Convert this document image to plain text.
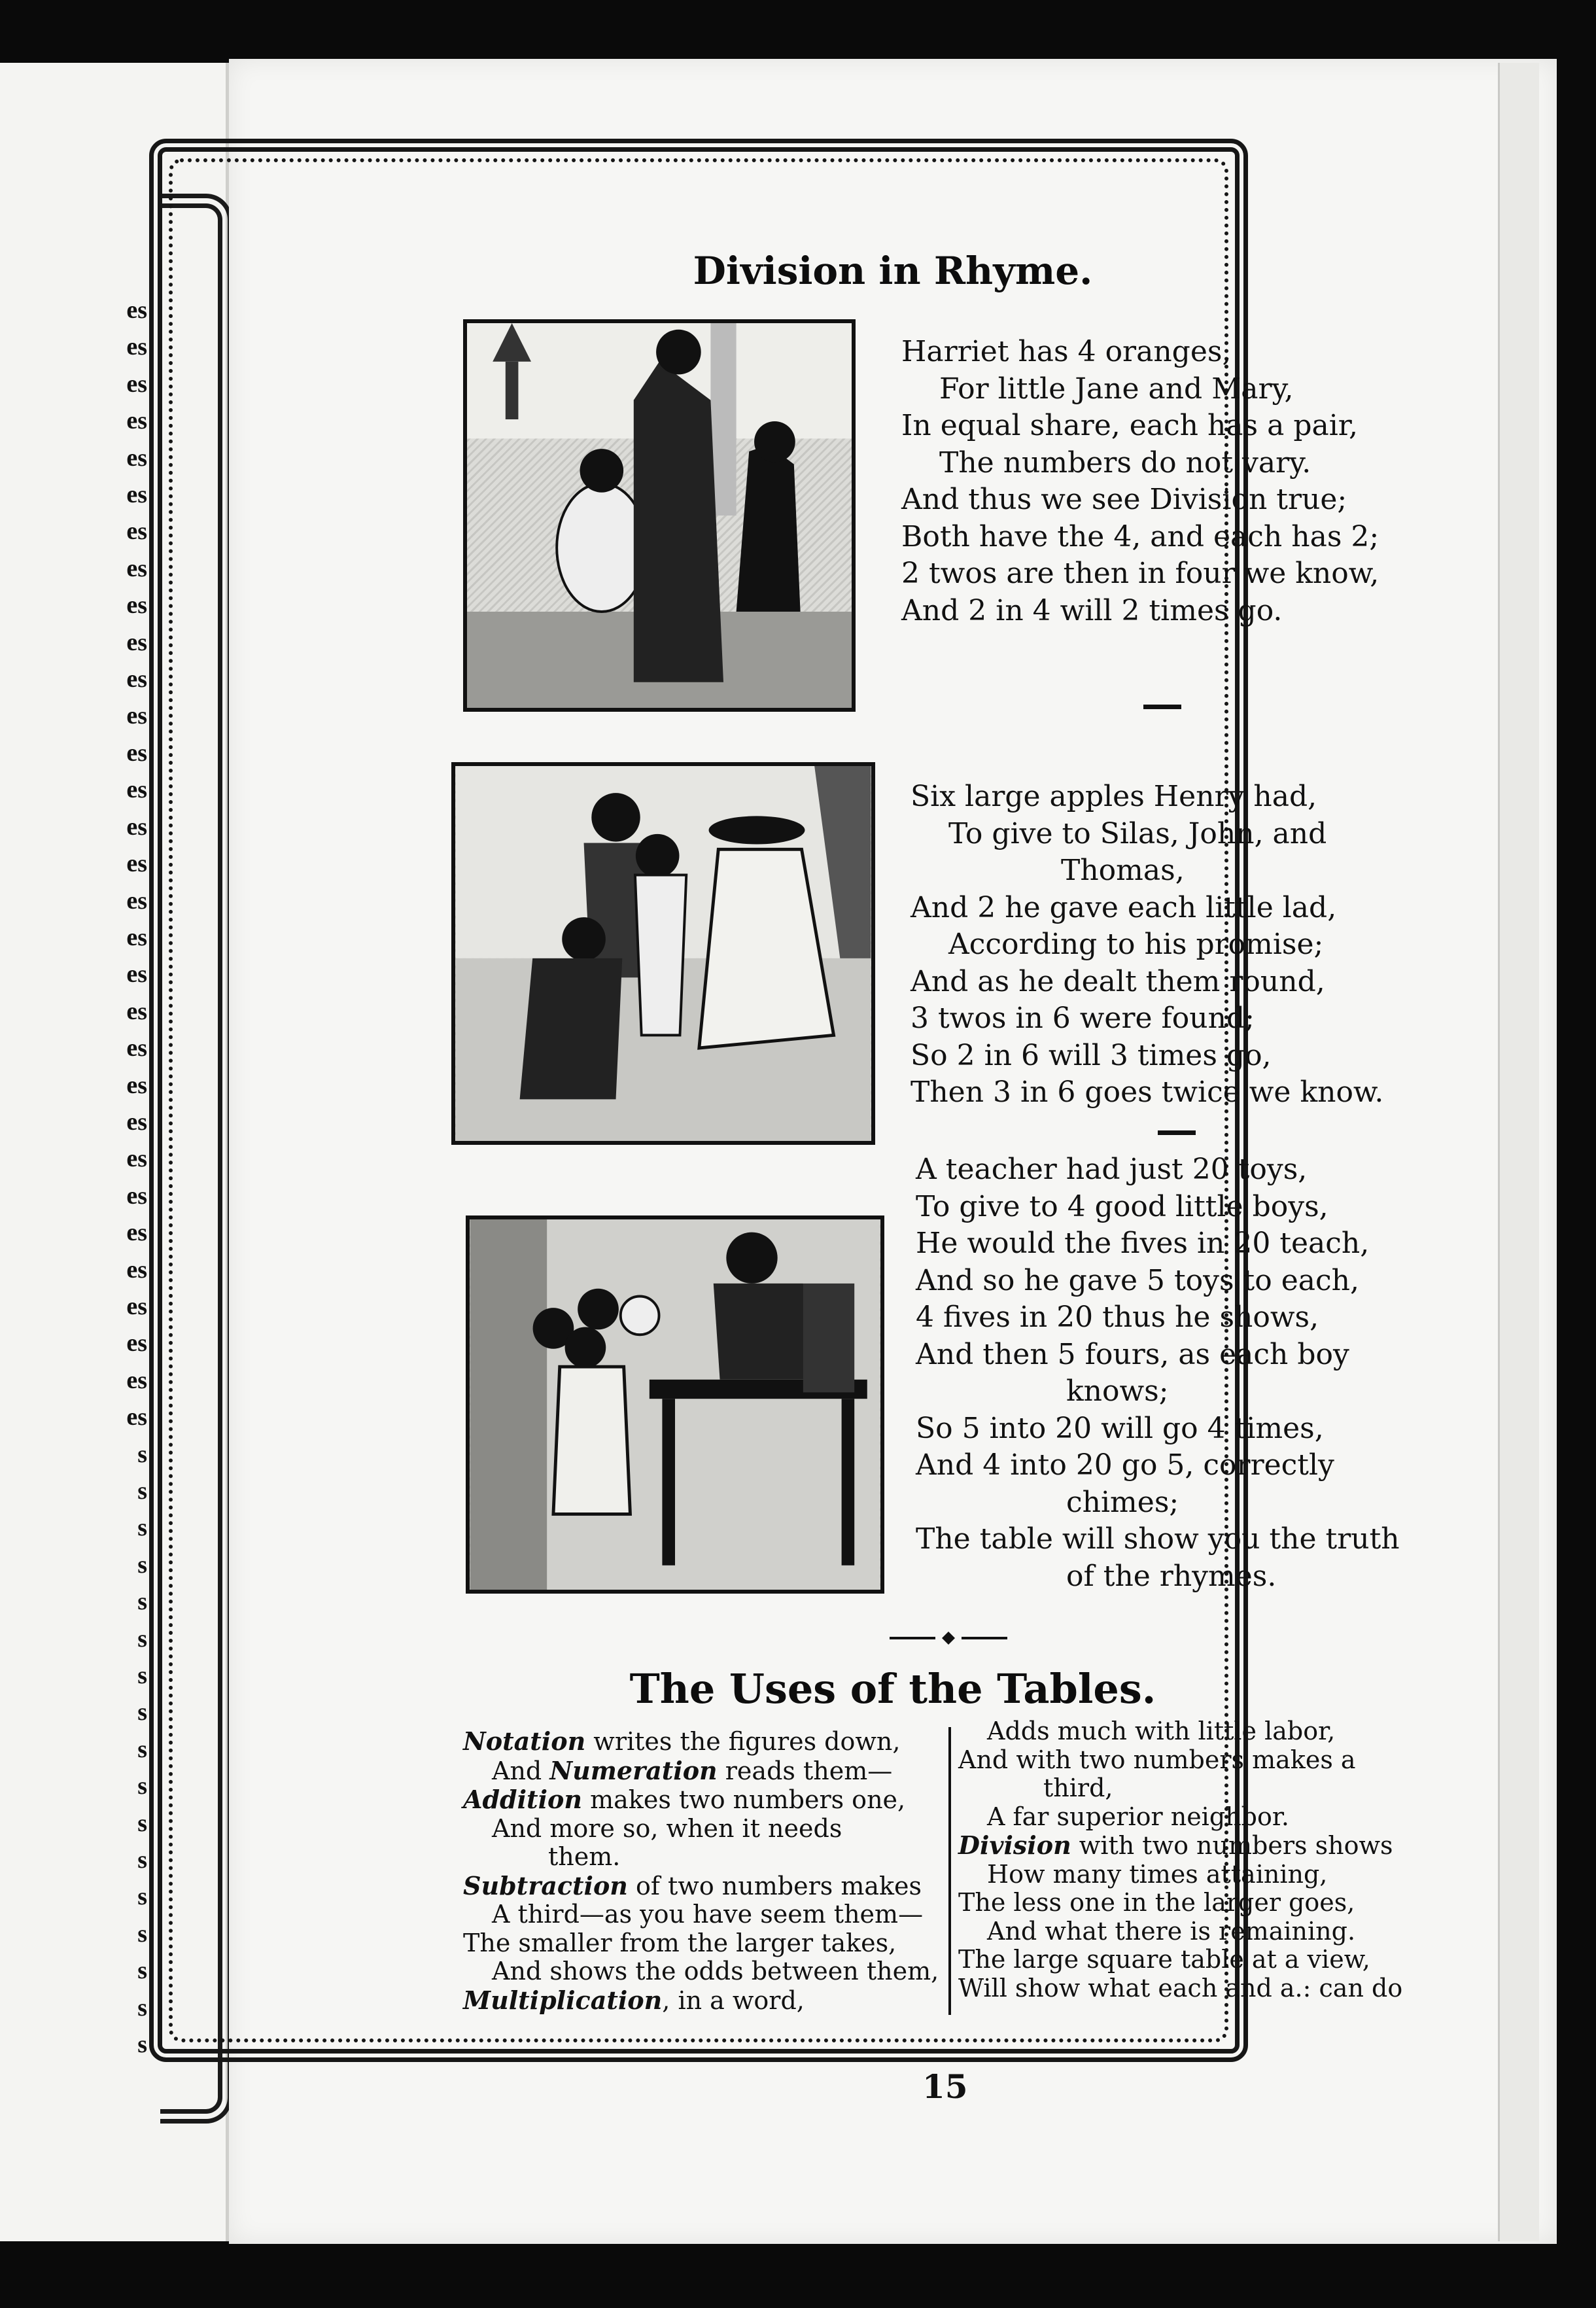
es
es
es
es
es
es
es
es
es
es
es
es
es
es
es
es
es
es
es
es
es
es
es
es
es
es
es
es
es
es
es
s
s
s
s
s
s
s
s
s
s
s
s
s
s
s
s
s
Division in Rhyme.
Harriet has 4 oranges,
For little Jane and Mary,
In equal share, each has a pair,
The numbers do not vary.
And thus we see Division true;
Both have the 4, and each has 2;
2 twos are then in four we know,
And 2 in 4 will 2 times go.
Six large apples Henry had,
To give to Silas, John, and
Thomas,
And 2 he gave each little lad,
According to his promise;
And as he dealt them round,
3 twos in 6 were found;
So 2 in 6 will 3 times go,
Then 3 in 6 goes twice we know.
A teacher had just 20 toys,
To give to 4 good little boys,
He would the fives in 20 teach,
And so he gave 5 toys to each,
4 fives in 20 thus he shows,
And then 5 fours, as each boy
knows;
So 5 into 20 will go 4 times,
And 4 into 20 go 5, correctly
chimes;
The table will show you the truth
of the rhymes.
The Uses of the Tables.
Notation writes the figures down,
And Numeration reads them—
Addition makes two numbers one,
And more so, when it needs
them.
Subtraction of two numbers makes
A third—as you have seem them—
The smaller from the larger takes,
And shows the odds between them,
Multiplication, in a word,
Adds much with little labor,
And with two numbers makes a
third,
A far superior neighbor.
Division with two numbers shows
How many times attaining,
The less one in the larger goes,
And what there is remaining.
The large square table at a view,
Will show what each and a.: can do
15
